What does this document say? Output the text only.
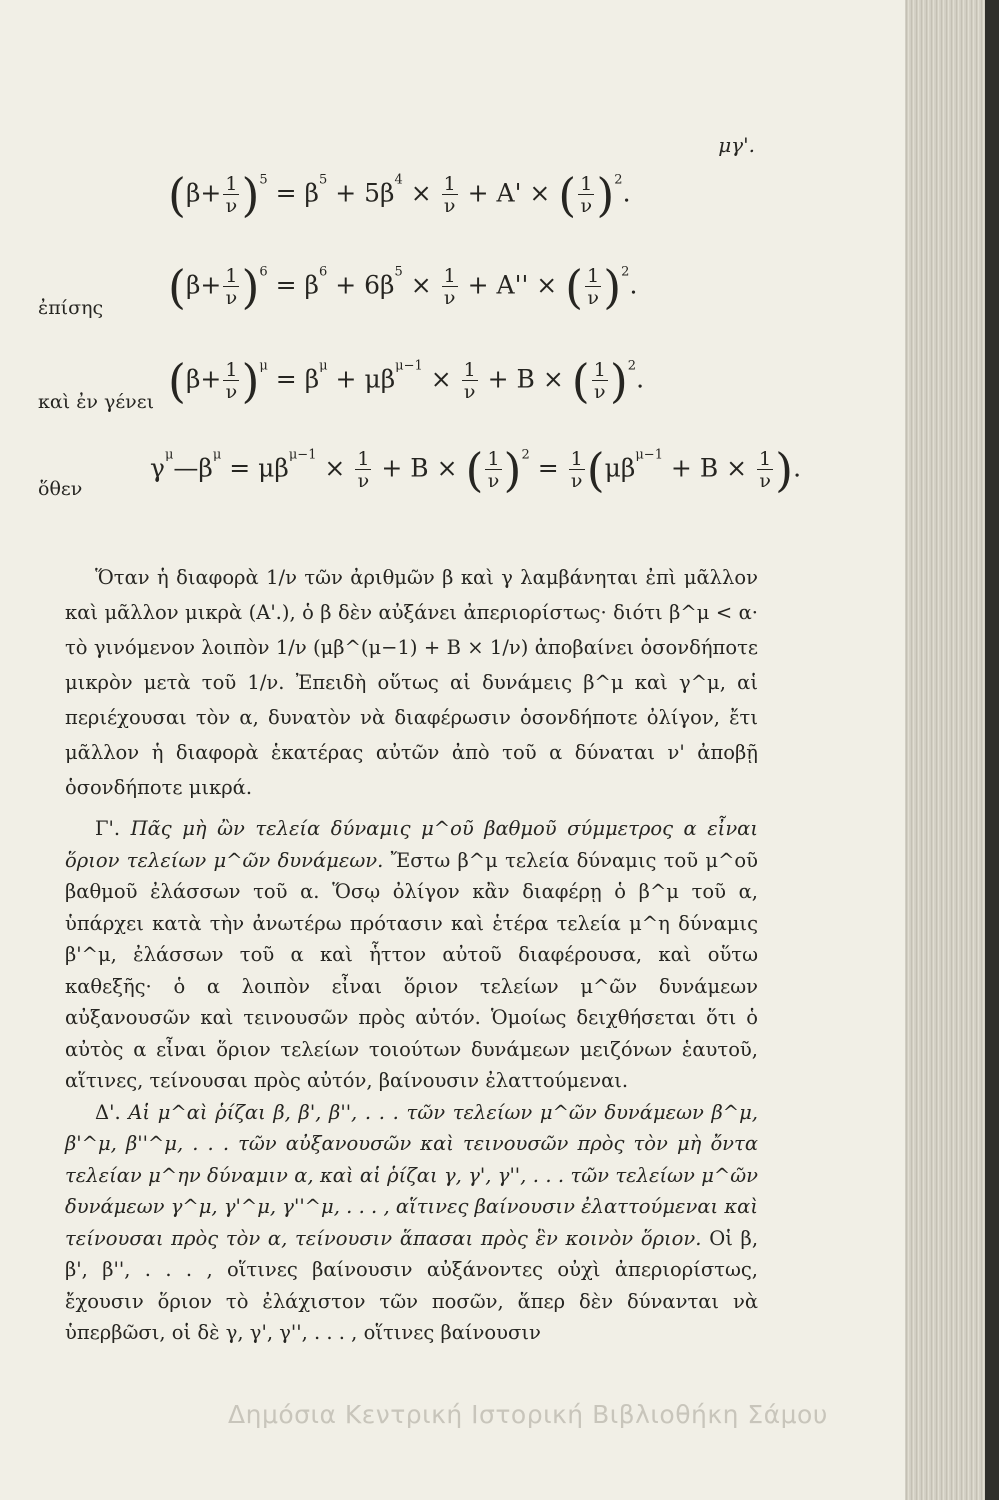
μγ'.
$(\beta+ \frac{1}{\nu} )^5 = \beta^5 + 5\beta^4 \times \frac{1}{\nu} + A'$ × ( $\frac{1}{\nu} )^2$.
ἐπίσης $(\beta+ \frac{1}{\nu} )^6 = \beta^6 + 6\beta^5 \times \frac{1}{\nu} + A''$ × ( $\frac{1}{\nu} )^2$.
καὶ ἐν γένει $(\beta+ \frac{1}{\nu} )^\mu = \beta^\mu + \mu\beta^{\mu-1} \times \frac{1}{\nu} + B$ × ( $\frac{1}{\nu} )^2$.
ὅθεν
$\gamma^\mu—\beta^\mu = \mu\beta^{\mu-1} \times \frac{1}{\nu} + B$ × ( $\frac{1}{\nu} )^2 = \frac{1}{\nu} (\mu\beta^{\mu-1} + B \times \frac{1}{\nu}$ ).

Ὅταν ἡ διαφορὰ 1/ν τῶν ἀριθμῶν β καὶ γ λαμβάνηται ἐπὶ μᾶλλον καὶ μᾶλλον μικρὰ (Α'.), ὁ β δὲν αὐξάνει ἀπεριορίστως· διότι β^μ < α· τὸ γινόμενον λοιπὸν 1/ν (μβ^(μ−1) + B × 1/ν) ἀποβαίνει ὁσονδήποτε μικρὸν μετὰ τοῦ 1/ν. Ἐπειδὴ οὕτως αἱ δυνάμεις β^μ καὶ γ^μ, αἱ περιέχουσαι τὸν α, δυνατὸν νὰ διαφέρωσιν ὁσονδήποτε ὀλίγον, ἔτι μᾶλλον ἡ διαφορὰ ἑκατέρας αὐτῶν ἀπὸ τοῦ α δύναται ν' ἀποβῇ ὁσονδήποτε μικρά.

Γ'. Πᾶς μὴ ὢν τελεία δύναμις μ^οῦ βαθμοῦ σύμμετρος α εἶναι ὅριον τελείων μ^ῶν δυνάμεων. Ἔστω β^μ τελεία δύναμις τοῦ μ^οῦ βαθμοῦ ἐλάσσων τοῦ α. Ὅσῳ ὀλίγον κἂν διαφέρῃ ὁ β^μ τοῦ α, ὑπάρχει κατὰ τὴν ἀνωτέρω πρότασιν καὶ ἑτέρα τελεία μ^η δύναμις β'^μ, ἐλάσσων τοῦ α καὶ ἧττον αὐτοῦ διαφέρουσα, καὶ οὕτω καθεξῆς· ὁ α λοιπὸν εἶναι ὅριον τελείων μ^ῶν δυνάμεων αὐξανουσῶν καὶ τεινουσῶν πρὸς αὐτόν. Ὁμοίως δειχθήσεται ὅτι ὁ αὐτὸς α εἶναι ὅριον τελείων τοιούτων δυνάμεων μειζόνων ἑαυτοῦ, αἵτινες, τείνουσαι πρὸς αὐτόν, βαίνουσιν ἐλαττούμεναι.

Δ'. Αἱ μ^αὶ ῥίζαι β, β', β'', . . . τῶν τελείων μ^ῶν δυνάμεων β^μ, β'^μ, β''^μ, . . . τῶν αὐξανουσῶν καὶ τεινουσῶν πρὸς τὸν μὴ ὄντα τελείαν μ^ην δύναμιν α, καὶ αἱ ῥίζαι γ, γ', γ'', . . . τῶν τελείων μ^ῶν δυνάμεων γ^μ, γ'^μ, γ''^μ, . . . , αἵτινες βαίνουσιν ἐλαττούμεναι καὶ τείνουσαι πρὸς τὸν α, τείνουσιν ἅπασαι πρὸς ἓν κοινὸν ὅριον. Οἱ β, β', β'', . . . , οἵτινες βαίνουσιν αὐξάνοντες οὐχὶ ἀπεριορίστως, ἔχουσιν ὅριον τὸ ἐλάχιστον τῶν ποσῶν, ἅπερ δὲν δύνανται νὰ ὑπερβῶσι, οἱ δὲ γ, γ', γ'', . . . , οἵτινες βαίνουσιν

Δημόσια Κεντρική Ιστορική Βιβλιοθήκη Σάμου
